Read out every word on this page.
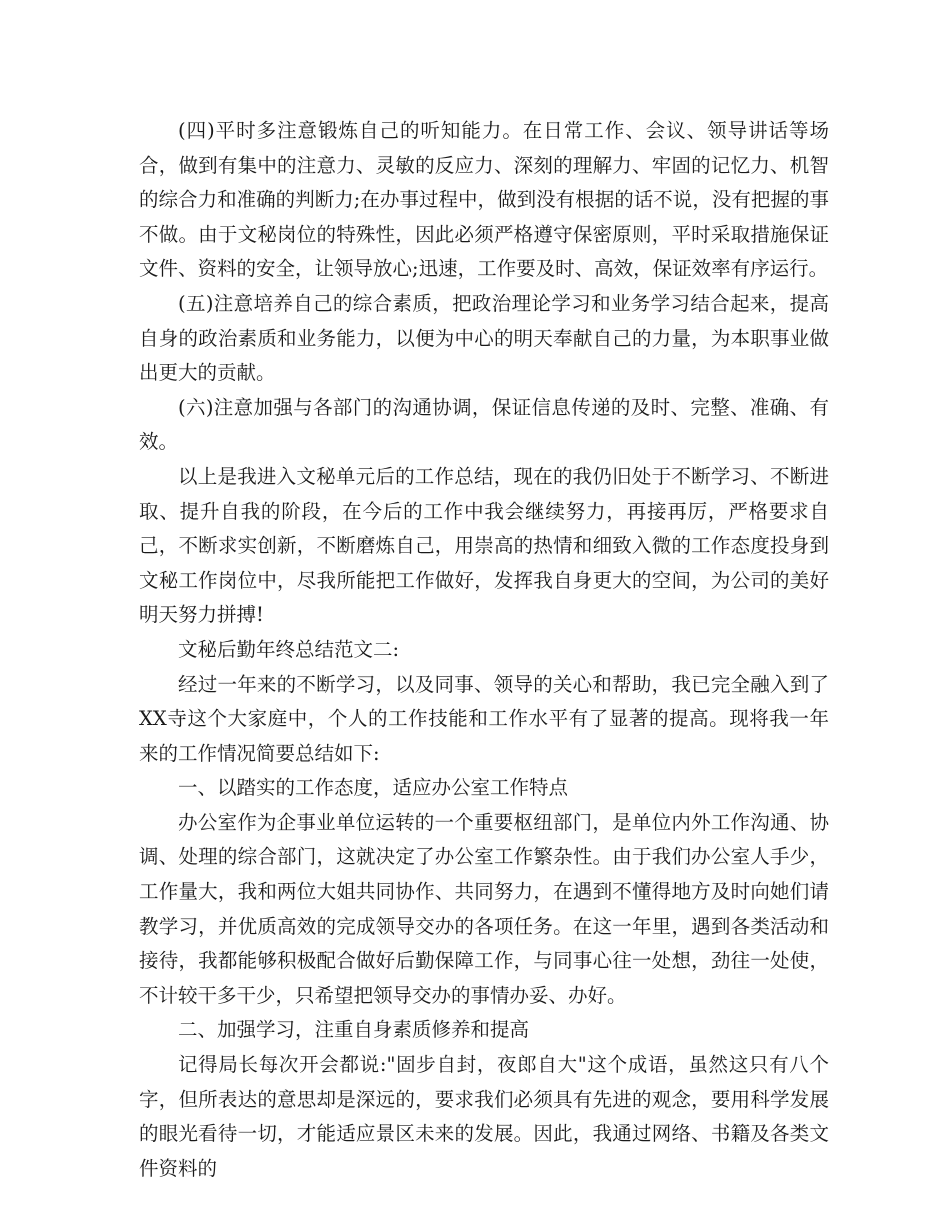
(四)平时多注意锻炼自己的听知能力。在日常工作、会议、领导讲话等场合，做到有集中的注意力、灵敏的反应力、深刻的理解力、牢固的记忆力、机智的综合力和准确的判断力;在办事过程中，做到没有根据的话不说，没有把握的事不做。由于文秘岗位的特殊性，因此必须严格遵守保密原则，平时采取措施保证文件、资料的安全，让领导放心;迅速，工作要及时、高效，保证效率有序运行。

(五)注意培养自己的综合素质，把政治理论学习和业务学习结合起来，提高自身的政治素质和业务能力，以便为中心的明天奉献自己的力量，为本职事业做出更大的贡献。

(六)注意加强与各部门的沟通协调，保证信息传递的及时、完整、准确、有效。

以上是我进入文秘单元后的工作总结，现在的我仍旧处于不断学习、不断进取、提升自我的阶段，在今后的工作中我会继续努力，再接再厉，严格要求自己，不断求实创新，不断磨炼自己，用崇高的热情和细致入微的工作态度投身到文秘工作岗位中，尽我所能把工作做好，发挥我自身更大的空间，为公司的美好明天努力拼搏!

文秘后勤年终总结范文二:

经过一年来的不断学习，以及同事、领导的关心和帮助，我已完全融入到了XX寺这个大家庭中，个人的工作技能和工作水平有了显著的提高。现将我一年来的工作情况简要总结如下:

一、以踏实的工作态度，适应办公室工作特点

办公室作为企事业单位运转的一个重要枢纽部门，是单位内外工作沟通、协调、处理的综合部门，这就决定了办公室工作繁杂性。由于我们办公室人手少，工作量大，我和两位大姐共同协作、共同努力，在遇到不懂得地方及时向她们请教学习，并优质高效的完成领导交办的各项任务。在这一年里，遇到各类活动和接待，我都能够积极配合做好后勤保障工作，与同事心往一处想，劲往一处使，不计较干多干少，只希望把领导交办的事情办妥、办好。

二、加强学习，注重自身素质修养和提高

记得局长每次开会都说:"固步自封，夜郎自大"这个成语，虽然这只有八个字，但所表达的意思却是深远的，要求我们必须具有先进的观念，要用科学发展的眼光看待一切，才能适应景区未来的发展。因此，我通过网络、书籍及各类文件资料的
